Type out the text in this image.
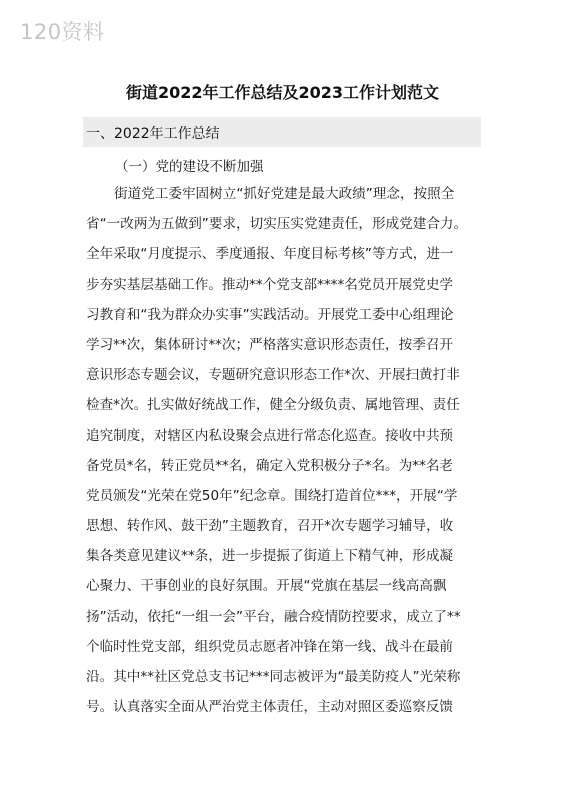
120资料
街道2022年工作总结及2023工作计划范文
一、2022年工作总结
（一）党的建设不断加强
街道党工委牢固树立“抓好党建是最大政绩”理念，按照全
省“一改两为五做到”要求，切实压实党建责任，形成党建合力。
全年采取“月度提示、季度通报、年度目标考核”等方式，进一
步夯实基层基础工作。推动**个党支部****名党员开展党史学
习教育和“我为群众办实事”实践活动。开展党工委中心组理论
学习**次，集体研讨**次；严格落实意识形态责任，按季召开
意识形态专题会议，专题研究意识形态工作*次、开展扫黄打非
检查*次。扎实做好统战工作，健全分级负责、属地管理、责任
追究制度，对辖区内私设聚会点进行常态化巡查。接收中共预
备党员*名，转正党员**名，确定入党积极分子*名。为**名老
党员颁发“光荣在党50年”纪念章。围绕打造首位***，开展“学
思想、转作风、鼓干劲”主题教育，召开*次专题学习辅导，收
集各类意见建议**条，进一步提振了街道上下精气神，形成凝
心聚力、干事创业的良好氛围。开展“党旗在基层一线高高飘
扬”活动，依托“一组一会”平台，融合疫情防控要求，成立了**
个临时性党支部，组织党员志愿者冲锋在第一线、战斗在最前
沿。其中**社区党总支书记***同志被评为“最美防疫人”光荣称
号。认真落实全面从严治党主体责任，主动对照区委巡察反馈
